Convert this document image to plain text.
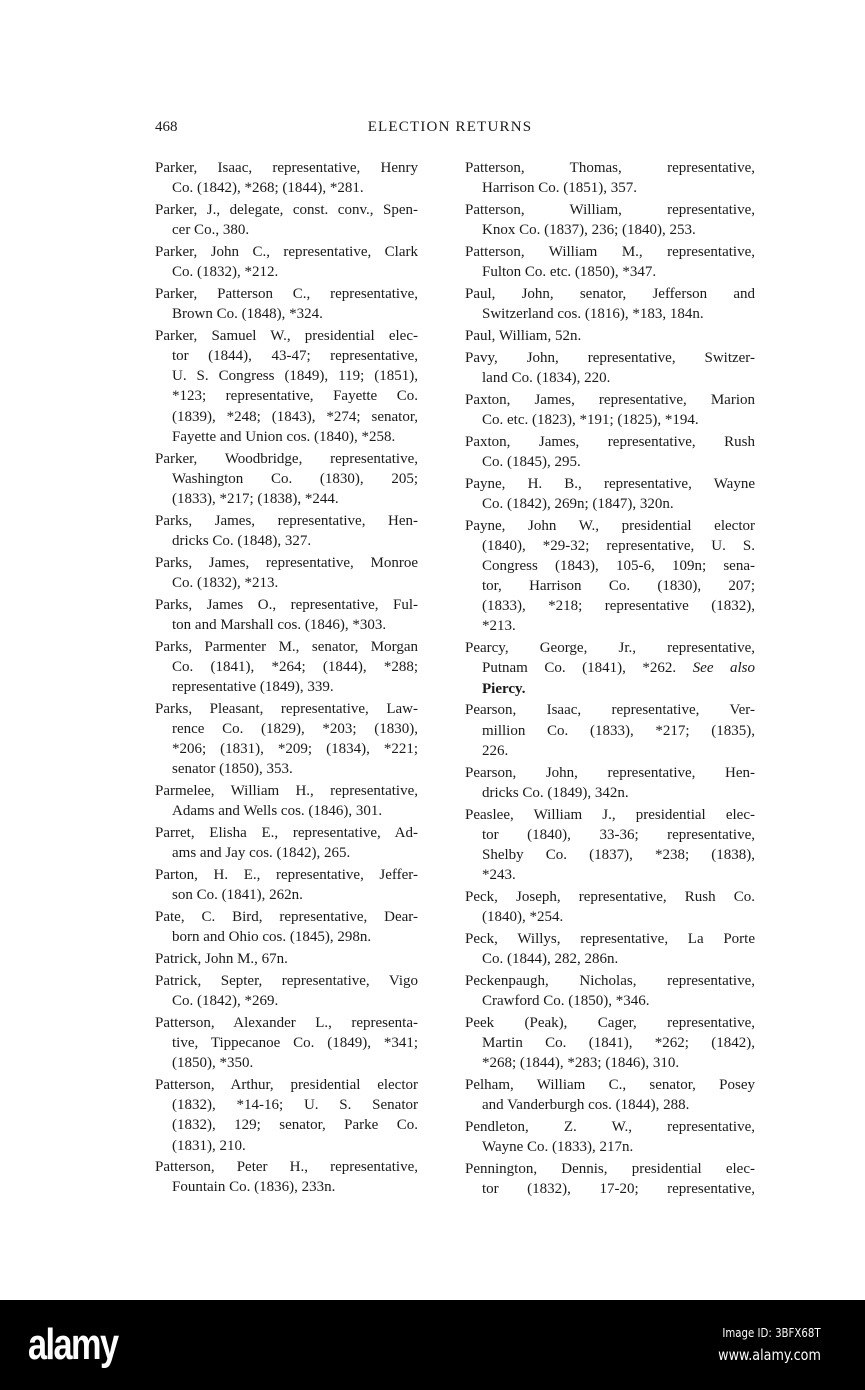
468	ELECTION RETURNS
Parker, Isaac, representative, Henry
Co. (1842), *268; (1844), *281.
Parker, J., delegate, const. conv., Spen-
cer Co., 380.
Parker, John C., representative, Clark
Co. (1832), *212.
Parker, Patterson C., representative,
Brown Co. (1848), *324.
Parker, Samuel W., presidential elec-
tor (1844), 43-47; representative,
U. S. Congress (1849), 119; (1851),
*123; representative, Fayette Co.
(1839), *248; (1843), *274; senator,
Fayette and Union cos. (1840), *258.
Parker, Woodbridge, representative,
Washington Co. (1830), 205;
(1833), *217; (1838), *244.
Parks, James, representative, Hen-
dricks Co. (1848), 327.
Parks, James, representative, Monroe
Co. (1832), *213.
Parks, James O., representative, Ful-
ton and Marshall cos. (1846), *303.
Parks, Parmenter M., senator, Morgan
Co. (1841), *264; (1844), *288;
representative (1849), 339.
Parks, Pleasant, representative, Law-
rence Co. (1829), *203; (1830),
*206; (1831), *209; (1834), *221;
senator (1850), 353.
Parmelee, William H., representative,
Adams and Wells cos. (1846), 301.
Parret, Elisha E., representative, Ad-
ams and Jay cos. (1842), 265.
Parton, H. E., representative, Jeffer-
son Co. (1841), 262n.
Pate, C. Bird, representative, Dear-
born and Ohio cos. (1845), 298n.
Patrick, John M., 67n.
Patrick, Septer, representative, Vigo
Co. (1842), *269.
Patterson, Alexander L., representa-
tive, Tippecanoe Co. (1849), *341;
(1850), *350.
Patterson, Arthur, presidential elector
(1832), *14-16; U. S. Senator
(1832), 129; senator, Parke Co.
(1831), 210.
Patterson, Peter H., representative,
Fountain Co. (1836), 233n.
Patterson, Thomas, representative,
Harrison Co. (1851), 357.
Patterson, William, representative,
Knox Co. (1837), 236; (1840), 253.
Patterson, William M., representative,
Fulton Co. etc. (1850), *347.
Paul, John, senator, Jefferson and
Switzerland cos. (1816), *183, 184n.
Paul, William, 52n.
Pavy, John, representative, Switzer-
land Co. (1834), 220.
Paxton, James, representative, Marion
Co. etc. (1823), *191; (1825), *194.
Paxton, James, representative, Rush
Co. (1845), 295.
Payne, H. B., representative, Wayne
Co. (1842), 269n; (1847), 320n.
Payne, John W., presidential elector
(1840), *29-32; representative, U. S.
Congress (1843), 105-6, 109n; sena-
tor, Harrison Co. (1830), 207;
(1833), *218; representative (1832),
*213.
Pearcy, George, Jr., representative,
Putnam Co. (1841), *262. See also
Piercy.
Pearson, Isaac, representative, Ver-
million Co. (1833), *217; (1835),
226.
Pearson, John, representative, Hen-
dricks Co. (1849), 342n.
Peaslee, William J., presidential elec-
tor (1840), 33-36; representative,
Shelby Co. (1837), *238; (1838),
*243.
Peck, Joseph, representative, Rush Co.
(1840), *254.
Peck, Willys, representative, La Porte
Co. (1844), 282, 286n.
Peckenpaugh, Nicholas, representative,
Crawford Co. (1850), *346.
Peek (Peak), Cager, representative,
Martin Co. (1841), *262; (1842),
*268; (1844), *283; (1846), 310.
Pelham, William C., senator, Posey
and Vanderburgh cos. (1844), 288.
Pendleton, Z. W., representative,
Wayne Co. (1833), 217n.
Pennington, Dennis, presidential elec-
tor (1832), 17-20; representative,
alamy	Image ID: 3BFX68T
www.alamy.com
